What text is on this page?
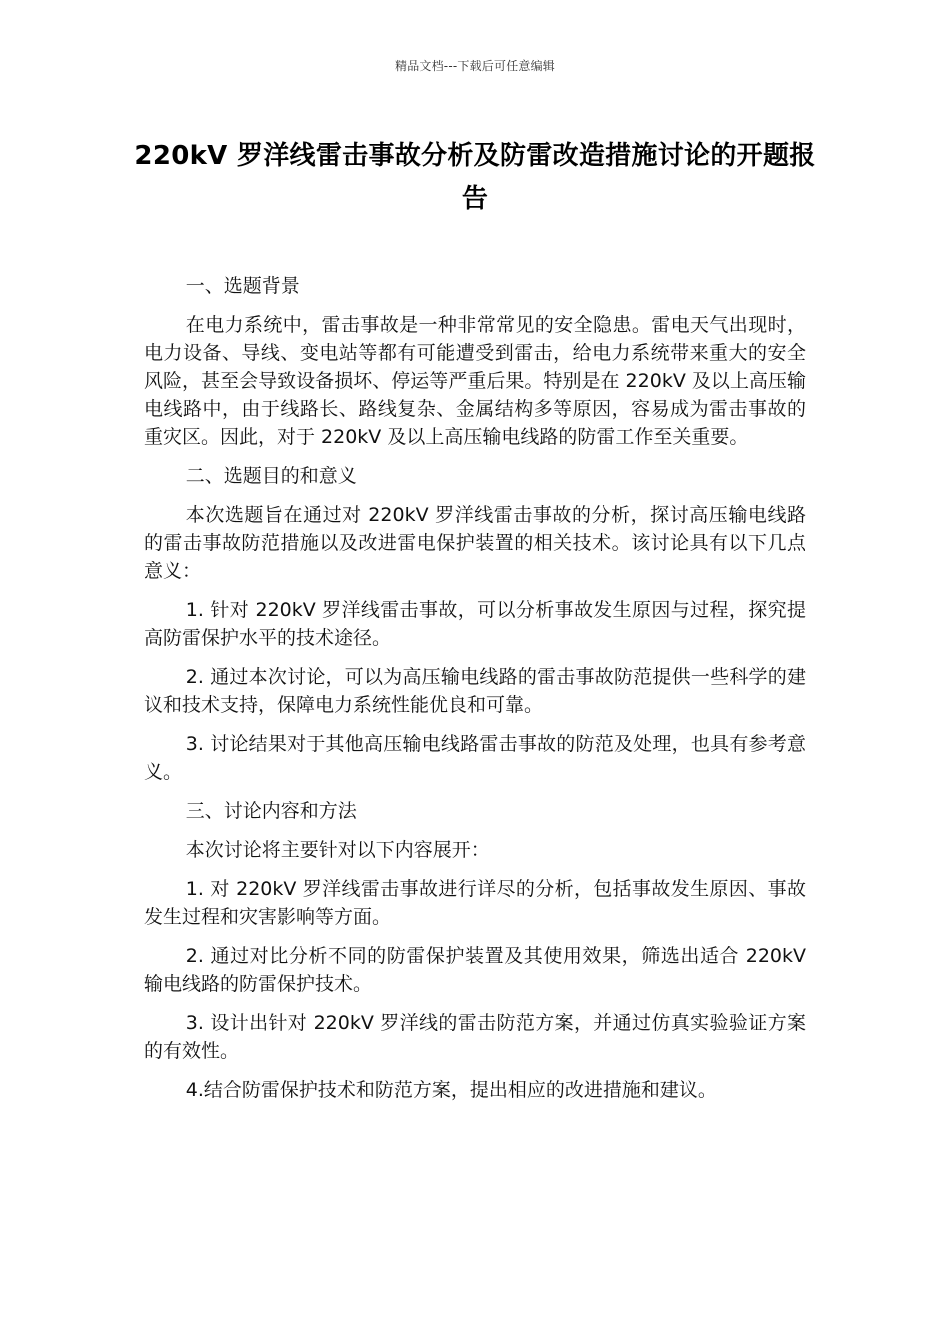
精品文档---下载后可任意编辑
220kV 罗洋线雷击事故分析及防雷改造措施讨论的开题报告

一、选题背景

在电力系统中，雷击事故是一种非常常见的安全隐患。雷电天气出现时，电力设备、导线、变电站等都有可能遭受到雷击，给电力系统带来重大的安全风险，甚至会导致设备损坏、停运等严重后果。特别是在 220kV 及以上高压输电线路中，由于线路长、路线复杂、金属结构多等原因，容易成为雷击事故的重灾区。因此，对于 220kV 及以上高压输电线路的防雷工作至关重要。

二、选题目的和意义

本次选题旨在通过对 220kV 罗洋线雷击事故的分析，探讨高压输电线路的雷击事故防范措施以及改进雷电保护装置的相关技术。该讨论具有以下几点意义：

1. 针对 220kV 罗洋线雷击事故，可以分析事故发生原因与过程，探究提高防雷保护水平的技术途径。

2. 通过本次讨论，可以为高压输电线路的雷击事故防范提供一些科学的建议和技术支持，保障电力系统性能优良和可靠。

3. 讨论结果对于其他高压输电线路雷击事故的防范及处理，也具有参考意义。

三、讨论内容和方法

本次讨论将主要针对以下内容展开：

1. 对 220kV 罗洋线雷击事故进行详尽的分析，包括事故发生原因、事故发生过程和灾害影响等方面。

2. 通过对比分析不同的防雷保护装置及其使用效果，筛选出适合 220kV 输电线路的防雷保护技术。

3. 设计出针对 220kV 罗洋线的雷击防范方案，并通过仿真实验验证方案的有效性。

4.结合防雷保护技术和防范方案，提出相应的改进措施和建议。
